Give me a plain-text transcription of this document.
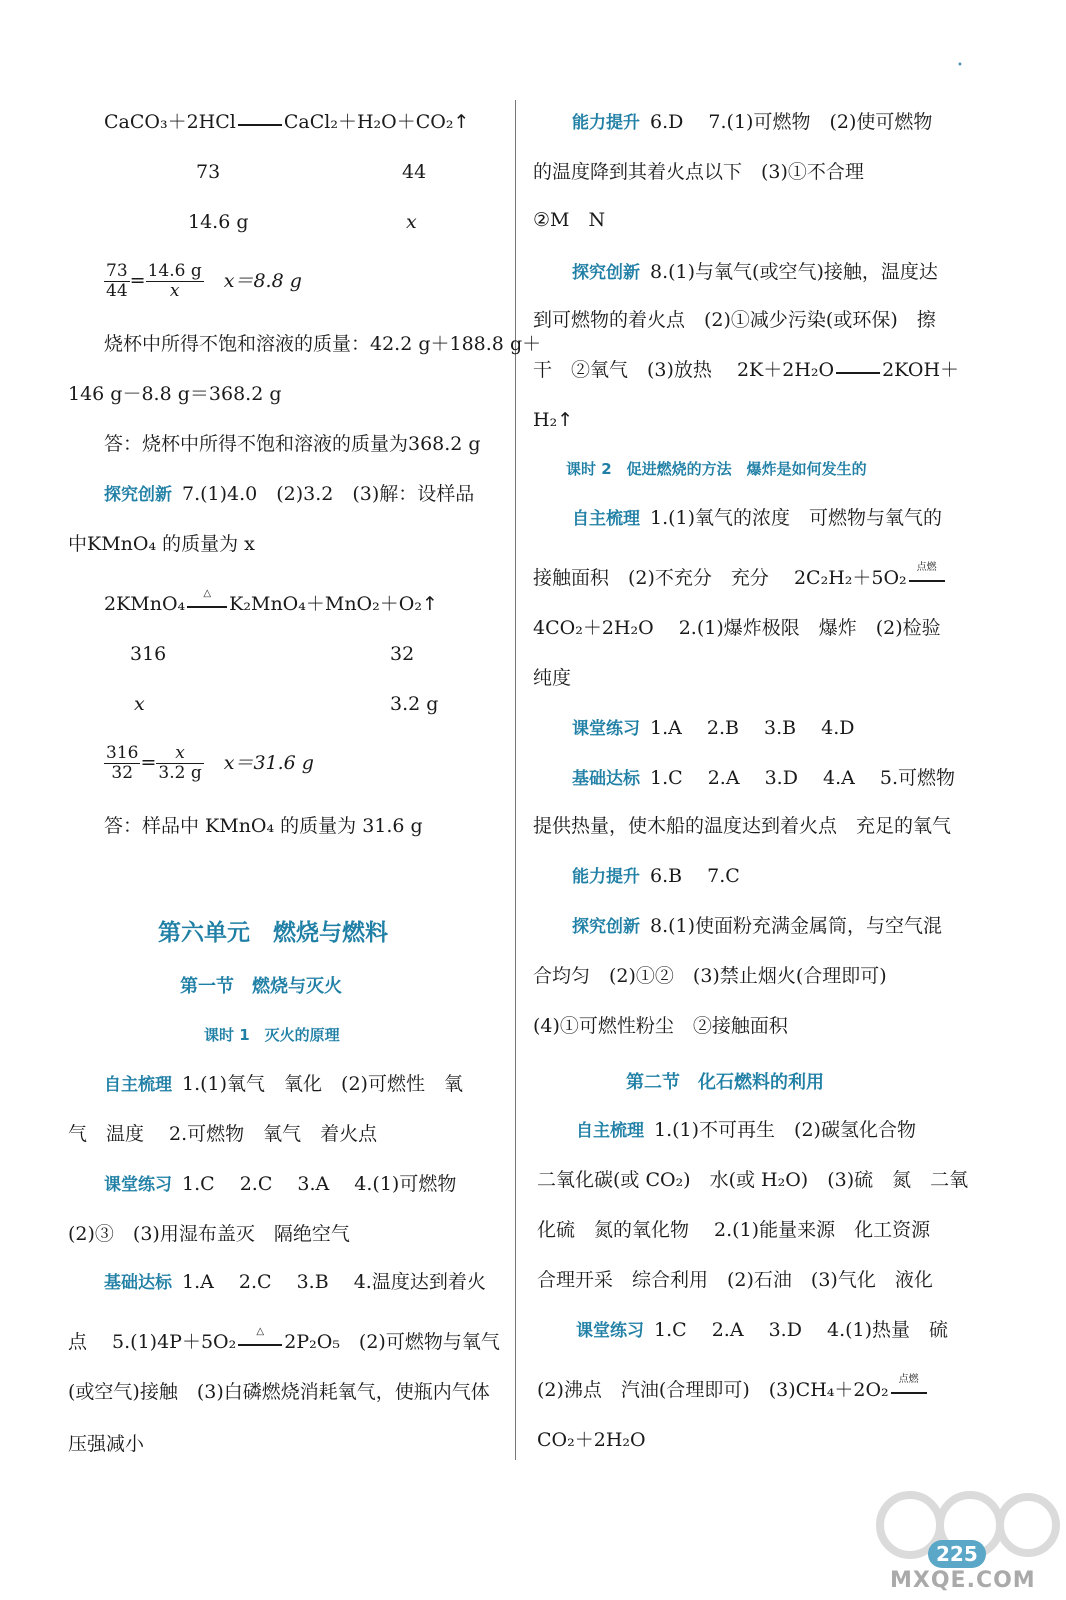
•
CaCO₃＋2HCl	CaCl₂＋H₂O＋CO₂↑
73	44
14.6 g	x
$\frac{73}{44} = \frac{14.6 g}{x} x=8.8$ g
烧杯中所得不饱和溶液的质量：42.2 g＋188.8 g＋
146 g－8.8 g＝368.2 g
答：烧杯中所得不饱和溶液的质量为368.2 g
探究创新 7.(1)4.0　(2)3.2　(3)解：设样品
中KMnO₄ 的质量为 x
2KMnO₄	△ K₂MnO₄＋MnO₂＋O₂↑
316	32
x	3.2 g
$\frac{316}{32} = \frac{x}{3.2 g} x=31.6$ g
答：样品中 KMnO₄ 的质量为 31.6 g
第六单元　燃烧与燃料
第一节　燃烧与灭火
课时 1　灭火的原理
自主梳理 1.(1)氧气　氧化　(2)可燃性　氧
气　温度　 2.可燃物　氧气　着火点
课堂练习 1.C　 2.C　 3.A　 4.(1)可燃物
(2)③　(3)用湿布盖灭　隔绝空气
基础达标 1.A　 2.C　 3.B　 4.温度达到着火
点　 5.(1)4P＋5O₂	△	2P₂O₅　(2)可燃物与氧气
(或空气)接触　(3)白磷燃烧消耗氧气，使瓶内气体
压强减小
能力提升 6.D　 7.(1)可燃物　(2)使可燃物
的温度降到其着火点以下　(3)①不合理
②M　N
探究创新 8.(1)与氧气(或空气)接触，温度达
到可燃物的着火点　(2)①减少污染(或环保)　擦
干　②氧气　(3)放热　 2K＋2H₂O	2KOH＋
H₂↑
课时 2　促进燃烧的方法　爆炸是如何发生的
自主梳理 1.(1)氧气的浓度　可燃物与氧气的
接触面积　(2)不充分　充分　 2C₂H₂＋5O₂	点燃
4CO₂＋2H₂O　 2.(1)爆炸极限　爆炸　(2)检验
纯度
课堂练习 1.A　 2.B　 3.B　 4.D
基础达标 1.C　 2.A　 3.D　 4.A　 5.可燃物
提供热量，使木船的温度达到着火点　充足的氧气
能力提升 6.B　 7.C
探究创新 8.(1)使面粉充满金属筒，与空气混
合均匀　(2)①②　(3)禁止烟火(合理即可)
(4)①可燃性粉尘　②接触面积
第二节　化石燃料的利用
自主梳理 1.(1)不可再生　(2)碳氢化合物
二氧化碳(或 CO₂)　水(或 H₂O)　(3)硫　氮　二氧
化硫　氮的氧化物　 2.(1)能量来源　化工资源
合理开采　综合利用　(2)石油　(3)气化　液化
课堂练习 1.C　 2.A　 3.D　 4.(1)热量　硫
(2)沸点　汽油(合理即可)　(3)CH₄＋2O₂	点燃
CO₂＋2H₂O
225
MXQE.COM
